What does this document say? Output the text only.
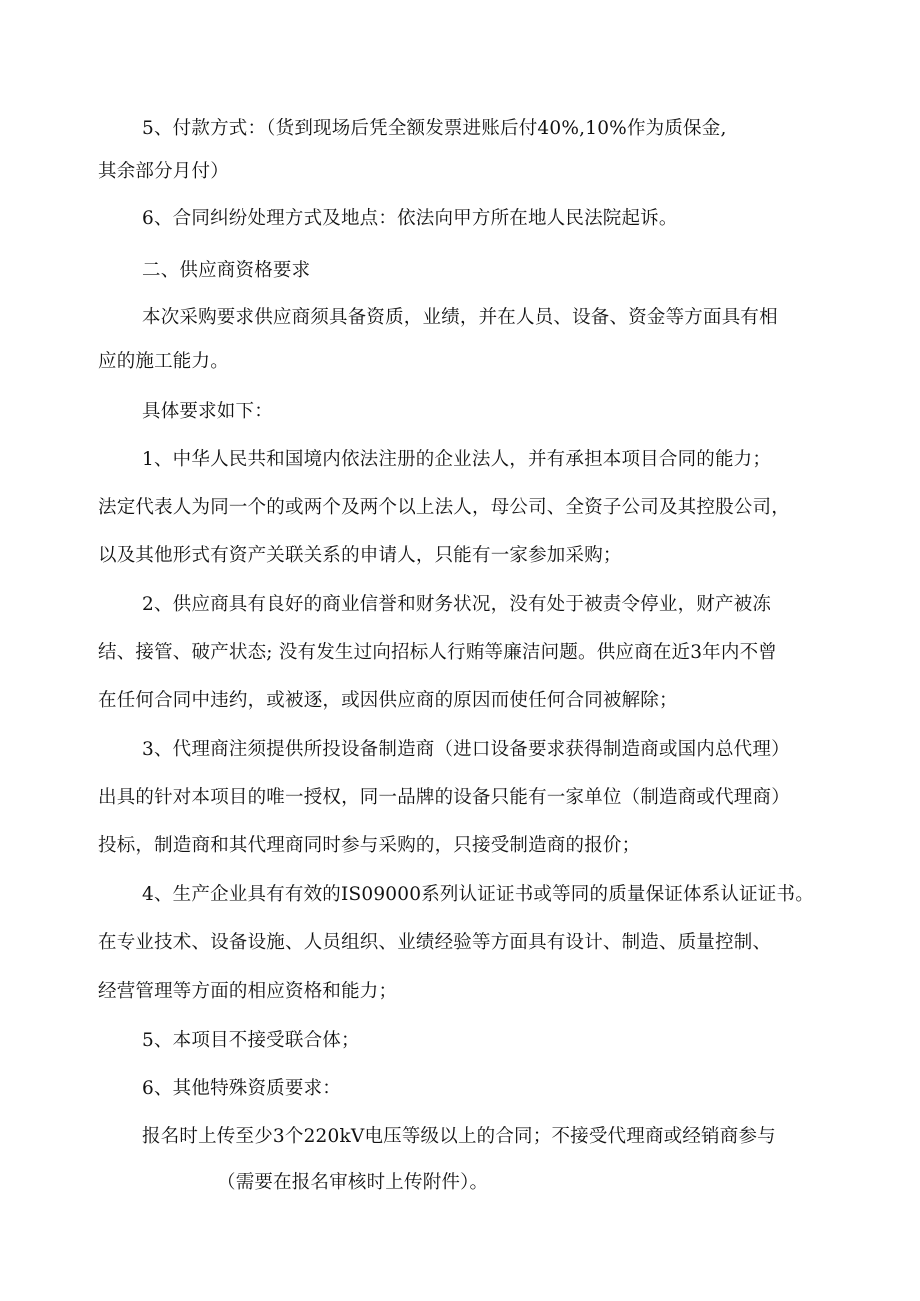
5、付款方式：（货到现场后凭全额发票进账后付40%,10%作为质保金,
其余部分月付）
6、合同纠纷处理方式及地点：依法向甲方所在地人民法院起诉。
二、供应商资格要求
本次采购要求供应商须具备资质，业绩，并在人员、设备、资金等方面具有相
应的施工能力。
具体要求如下：
1、中华人民共和国境内依法注册的企业法人，并有承担本项目合同的能力；
法定代表人为同一个的或两个及两个以上法人，母公司、全资子公司及其控股公司，
以及其他形式有资产关联关系的申请人，只能有一家参加采购；
2、供应商具有良好的商业信誉和财务状况，没有处于被责令停业，财产被冻
结、接管、破产状态; 没有发生过向招标人行贿等廉洁问题。供应商在近3年内不曾
在任何合同中违约，或被逐，或因供应商的原因而使任何合同被解除；
3、代理商注须提供所投设备制造商（进口设备要求获得制造商或国内总代理）
出具的针对本项目的唯一授权，同一品牌的设备只能有一家单位（制造商或代理商）
投标，制造商和其代理商同时参与采购的，只接受制造商的报价；
4、生产企业具有有效的IS09000系列认证证书或等同的质量保证体系认证证书。
在专业技术、设备设施、人员组织、业绩经验等方面具有设计、制造、质量控制、
经营管理等方面的相应资格和能力；
5、本项目不接受联合体；
6、其他特殊资质要求：
报名时上传至少3个220kV电压等级以上的合同；不接受代理商或经销商参与
（需要在报名审核时上传附件）。
